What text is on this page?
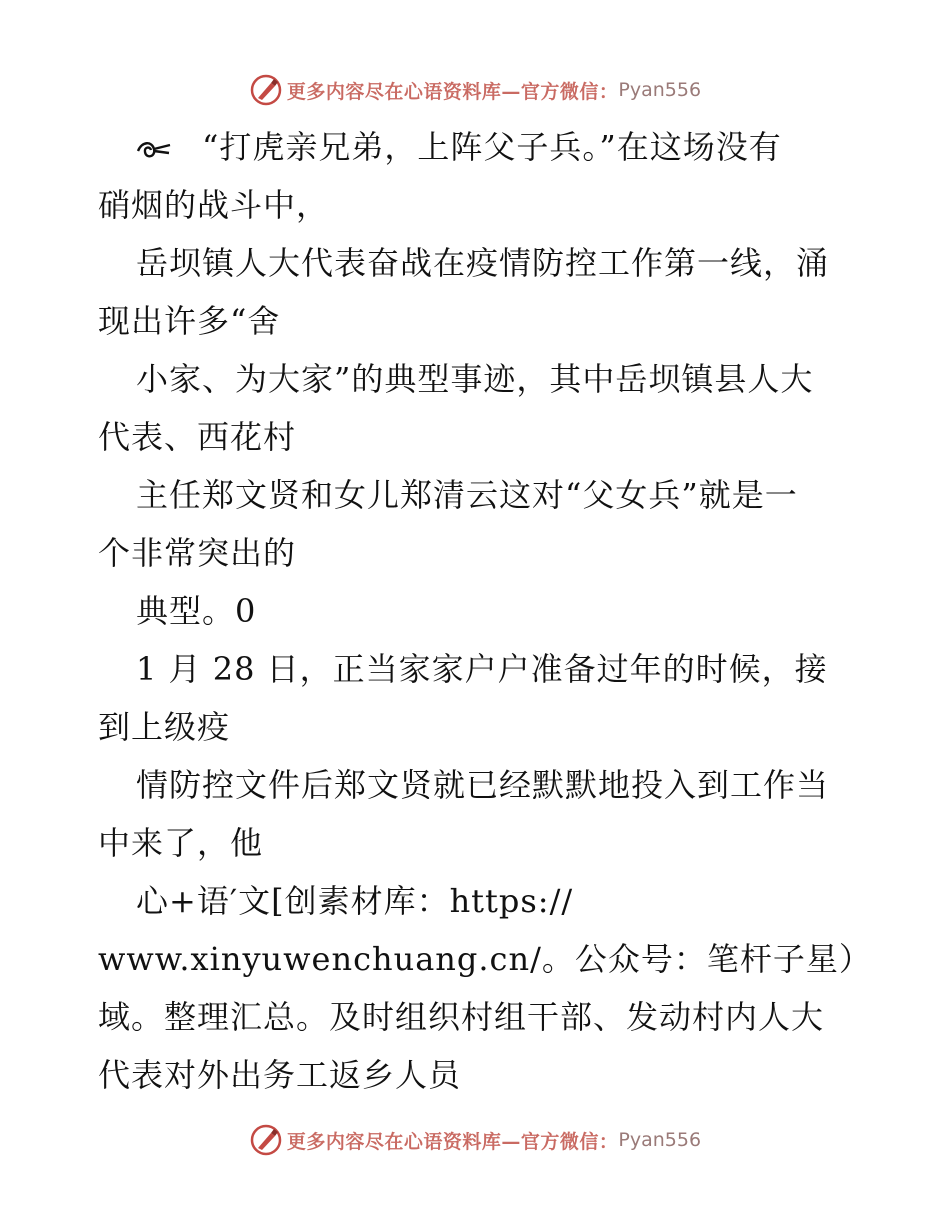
更多内容尽在心语资料库—官方微信： Pyan556
“打虎亲兄弟，上阵父子兵。”在这场没有
硝烟的战斗中，
岳坝镇人大代表奋战在疫情防控工作第一线，涌
现出许多“舍
小家、为大家”的典型事迹，其中岳坝镇县人大
代表、西花村
主任郑文贤和女儿郑清云这对“父女兵”就是一
个非常突出的
典型。0
1 月 28 日，正当家家户户准备过年的时候，接
到上级疫
情防控文件后郑文贤就已经默默地投入到工作当
中来了，他
心+语′文[创素材库：https://
www.xinyuwenchuang.cn/。公众号：笔杆子星）
域。整理汇总。及时组织村组干部、发动村内人大
代表对外出务工返乡人员
更多内容尽在心语资料库—官方微信： Pyan556
